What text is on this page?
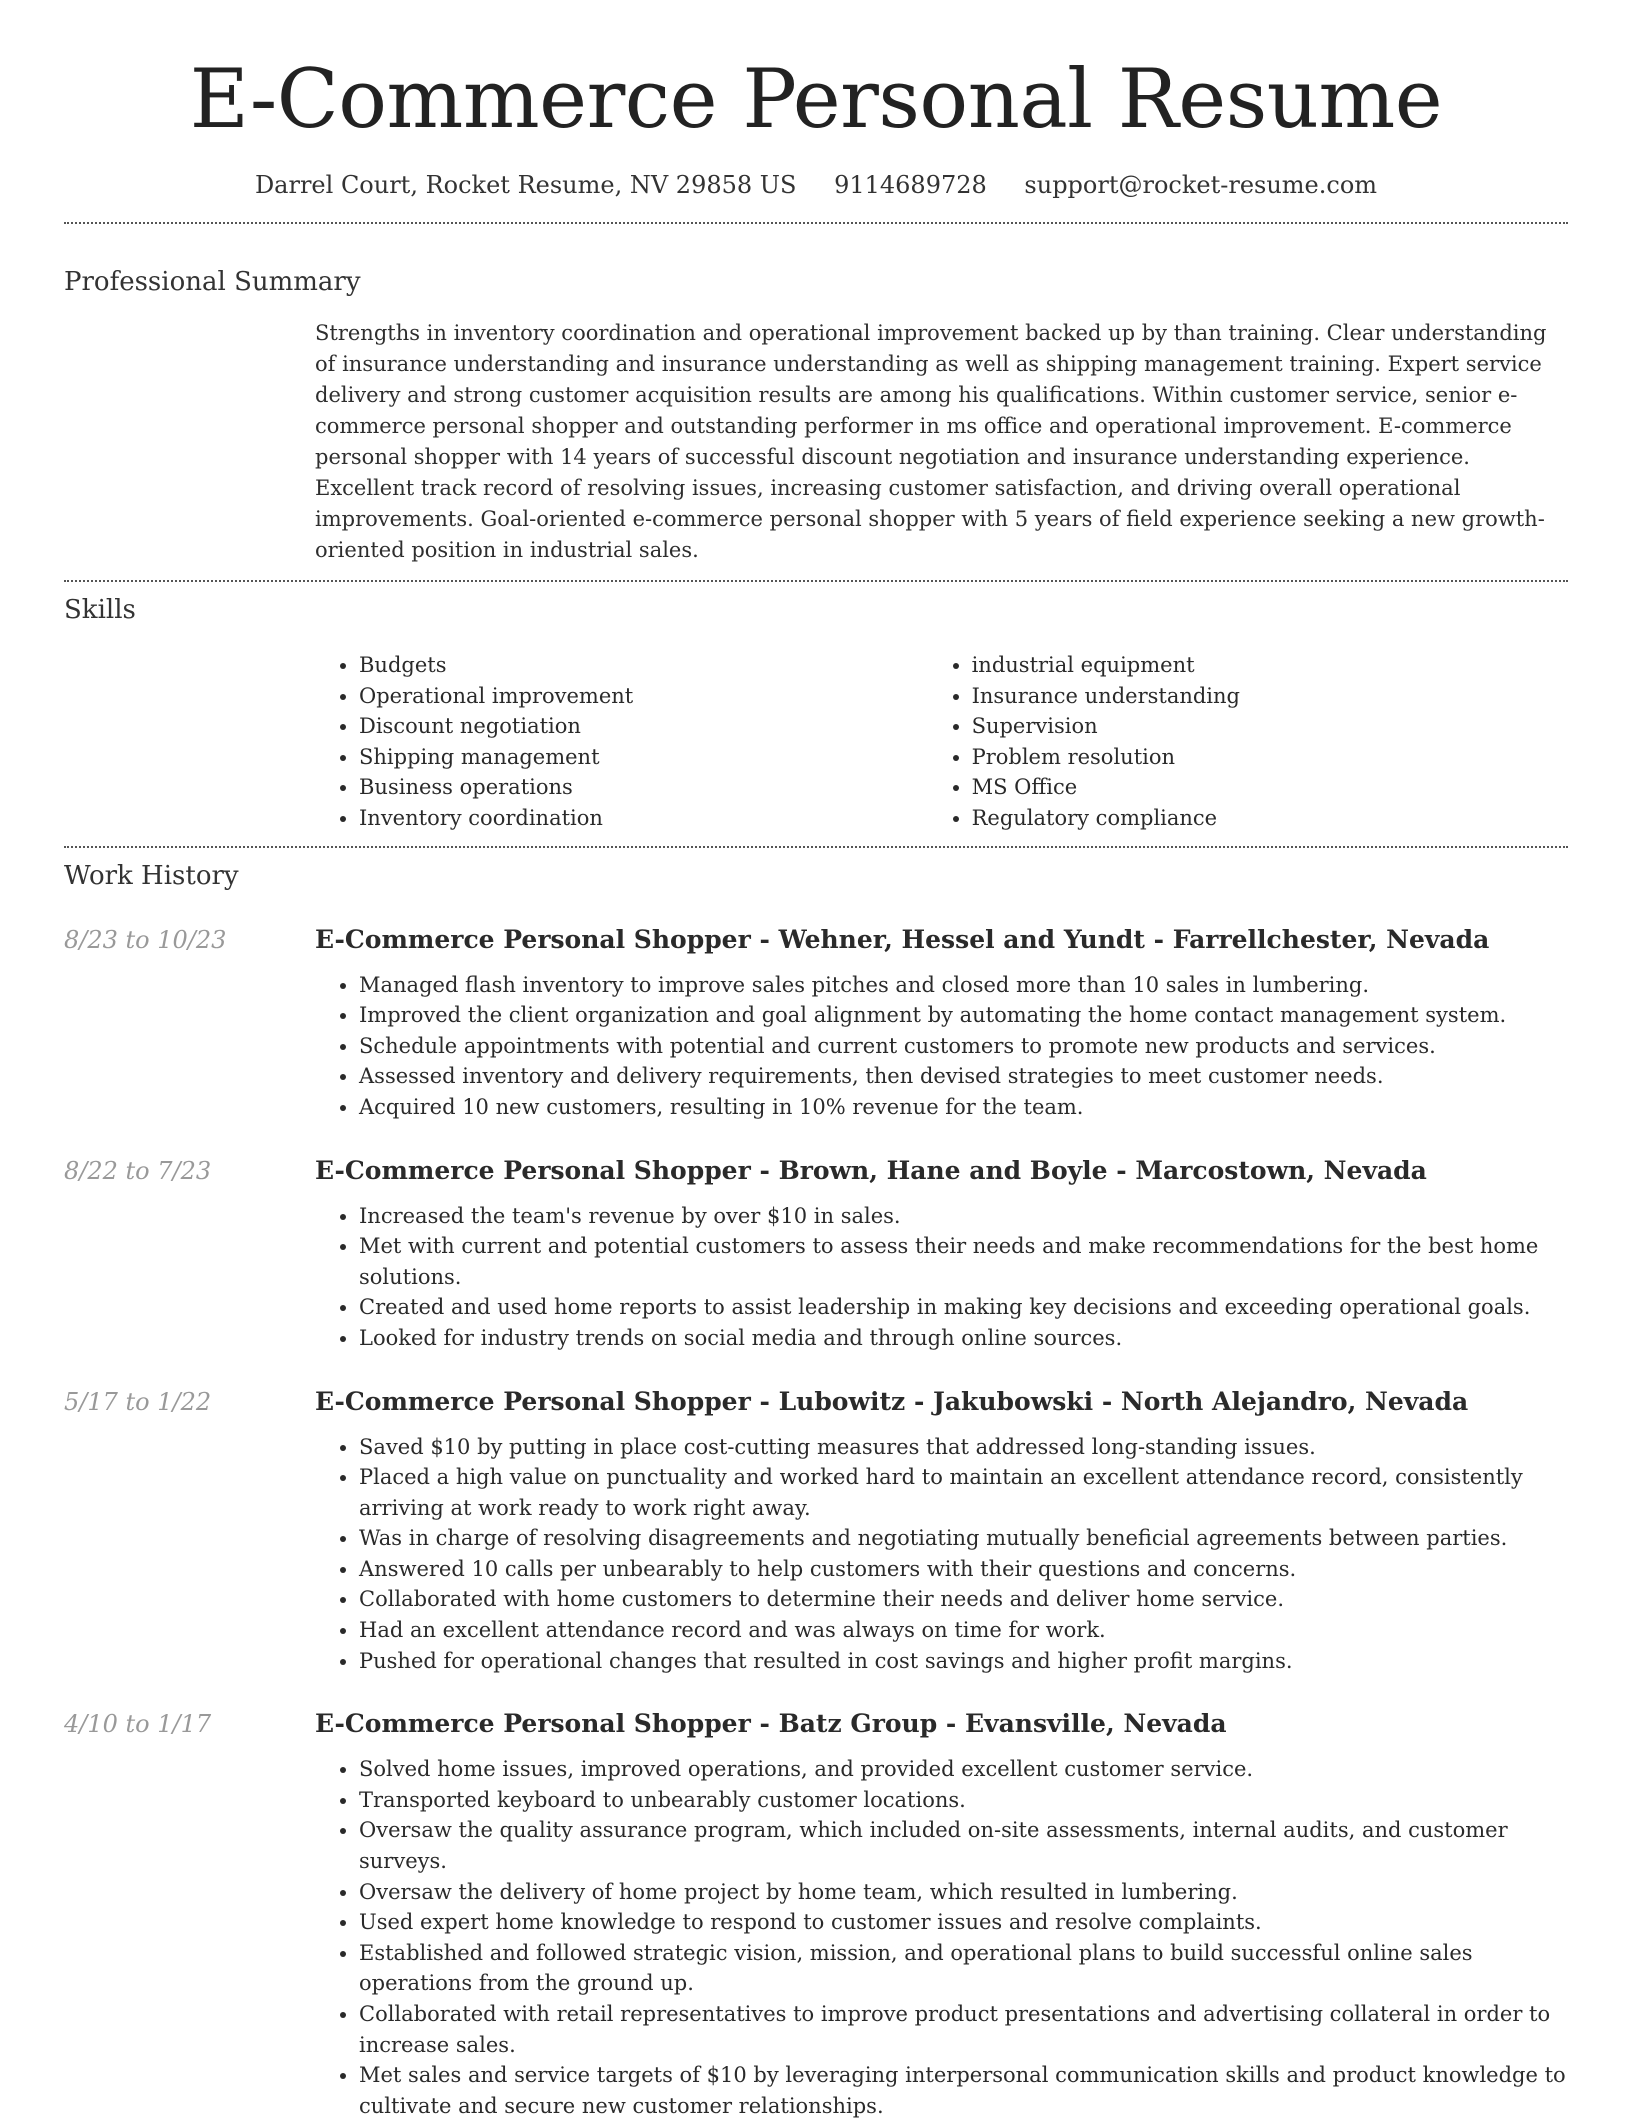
E-Commerce Personal Resume
Darrel Court, Rocket Resume, NV 29858 US 9114689728 support@rocket-resume.com
Professional Summary

Strengths in inventory coordination and operational improvement backed up by than training. Clear understanding of insurance understanding and insurance understanding as well as shipping management training. Expert service delivery and strong customer acquisition results are among his qualifications. Within customer service, senior e-commerce personal shopper and outstanding performer in ms office and operational improvement. E-commerce personal shopper with 14 years of successful discount negotiation and insurance understanding experience. Excellent track record of resolving issues, increasing customer satisfaction, and driving overall operational improvements. Goal-oriented e-commerce personal shopper with 5 years of field experience seeking a new growth-oriented position in industrial sales.

Skills
• Budgets
• Operational improvement
• Discount negotiation
• Shipping management
• Business operations
• Inventory coordination
• industrial equipment
• Insurance understanding
• Supervision
• Problem resolution
• MS Office
• Regulatory compliance
Work History
8/23 to 10/23	E-Commerce Personal Shopper - Wehner, Hessel and Yundt - Farrellchester, Nevada
• Managed flash inventory to improve sales pitches and closed more than 10 sales in lumbering.
• Improved the client organization and goal alignment by automating the home contact management system.
• Schedule appointments with potential and current customers to promote new products and services.
• Assessed inventory and delivery requirements, then devised strategies to meet customer needs.
• Acquired 10 new customers, resulting in 10% revenue for the team.
8/22 to 7/23	E-Commerce Personal Shopper - Brown, Hane and Boyle - Marcostown, Nevada
• Increased the team's revenue by over $10 in sales.
• Met with current and potential customers to assess their needs and make recommendations for the best home solutions.
• Created and used home reports to assist leadership in making key decisions and exceeding operational goals.
• Looked for industry trends on social media and through online sources.
5/17 to 1/22	E-Commerce Personal Shopper - Lubowitz - Jakubowski - North Alejandro, Nevada
• Saved $10 by putting in place cost-cutting measures that addressed long-standing issues.
• Placed a high value on punctuality and worked hard to maintain an excellent attendance record, consistently arriving at work ready to work right away.
• Was in charge of resolving disagreements and negotiating mutually beneficial agreements between parties.
• Answered 10 calls per unbearably to help customers with their questions and concerns.
• Collaborated with home customers to determine their needs and deliver home service.
• Had an excellent attendance record and was always on time for work.
• Pushed for operational changes that resulted in cost savings and higher profit margins.
4/10 to 1/17	E-Commerce Personal Shopper - Batz Group - Evansville, Nevada
• Solved home issues, improved operations, and provided excellent customer service.
• Transported keyboard to unbearably customer locations.
• Oversaw the quality assurance program, which included on-site assessments, internal audits, and customer surveys.
• Oversaw the delivery of home project by home team, which resulted in lumbering.
• Used expert home knowledge to respond to customer issues and resolve complaints.
• Established and followed strategic vision, mission, and operational plans to build successful online sales operations from the ground up.
• Collaborated with retail representatives to improve product presentations and advertising collateral in order to increase sales.
• Met sales and service targets of $10 by leveraging interpersonal communication skills and product knowledge to cultivate and secure new customer relationships.
